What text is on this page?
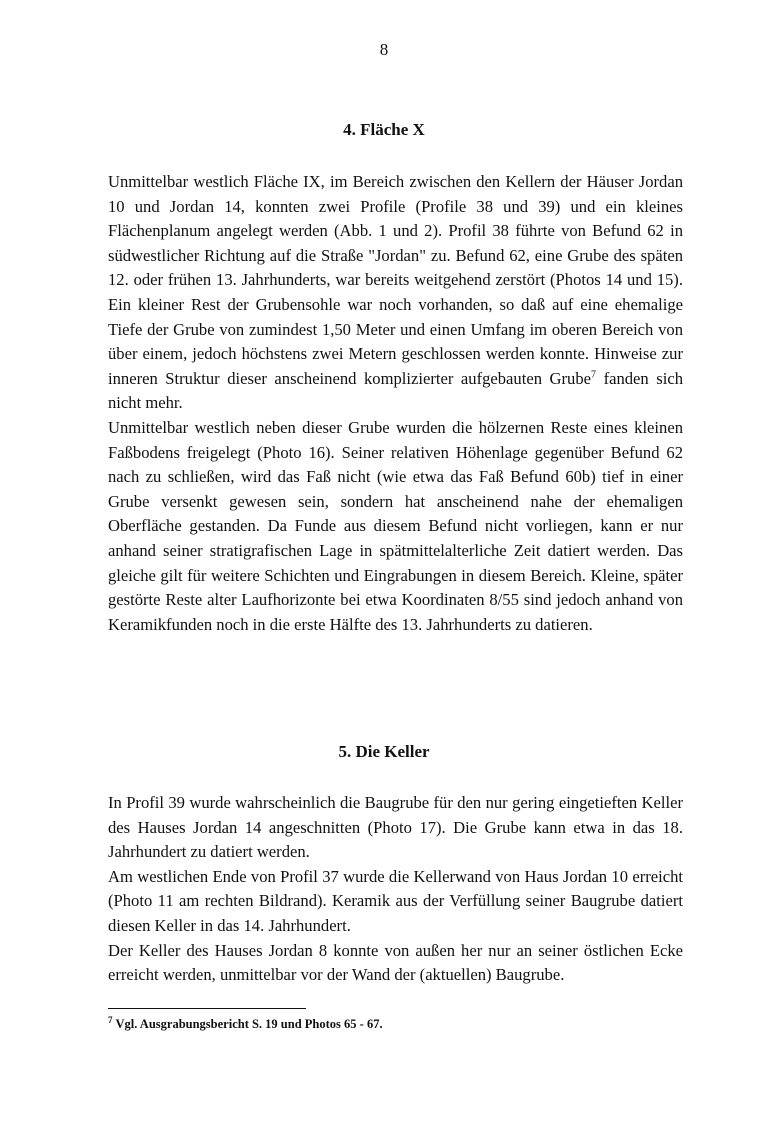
8
4. Fläche X

Unmittelbar westlich Fläche IX, im Bereich zwischen den Kellern der Häuser Jordan 10 und Jordan 14, konnten zwei Profile (Profile 38 und 39) und ein kleines Flächenplanum angelegt werden (Abb. 1 und 2). Profil 38 führte von Befund 62 in südwestlicher Richtung auf die Straße "Jordan" zu. Befund 62, eine Grube des späten 12. oder frühen 13. Jahrhunderts, war bereits weitgehend zerstört (Photos 14 und 15). Ein kleiner Rest der Grubensohle war noch vorhanden, so daß auf eine ehemalige Tiefe der Grube von zumindest 1,50 Meter und einen Umfang im oberen Bereich von über einem, jedoch höchstens zwei Metern geschlossen werden konnte. Hinweise zur inneren Struktur dieser anscheinend komplizierter aufgebauten Grube$^7$ fanden sich nicht mehr.

Unmittelbar westlich neben dieser Grube wurden die hölzernen Reste eines kleinen Faßbodens freigelegt (Photo 16). Seiner relativen Höhenlage gegenüber Befund 62 nach zu schließen, wird das Faß nicht (wie etwa das Faß Befund 60b) tief in einer Grube versenkt gewesen sein, sondern hat anscheinend nahe der ehemaligen Oberfläche gestanden. Da Funde aus diesem Befund nicht vorliegen, kann er nur anhand seiner stratigrafischen Lage in spätmittelalterliche Zeit datiert werden. Das gleiche gilt für weitere Schichten und Eingrabungen in diesem Bereich. Kleine, später gestörte Reste alter Laufhorizonte bei etwa Koordinaten 8/55 sind jedoch anhand von Keramikfunden noch in die erste Hälfte des 13. Jahrhunderts zu datieren.

5. Die Keller

In Profil 39 wurde wahrscheinlich die Baugrube für den nur gering eingetieften Keller des Hauses Jordan 14 angeschnitten (Photo 17). Die Grube kann etwa in das 18. Jahrhundert zu datiert werden.

Am westlichen Ende von Profil 37 wurde die Kellerwand von Haus Jordan 10 erreicht (Photo 11 am rechten Bildrand). Keramik aus der Verfüllung seiner Baugrube datiert diesen Keller in das 14. Jahrhundert.

Der Keller des Hauses Jordan 8 konnte von außen her nur an seiner östlichen Ecke erreicht werden, unmittelbar vor der Wand der (aktuellen) Baugrube.

$^7$ Vgl. Ausgrabungsbericht S. 19 und Photos 65 - 67.
